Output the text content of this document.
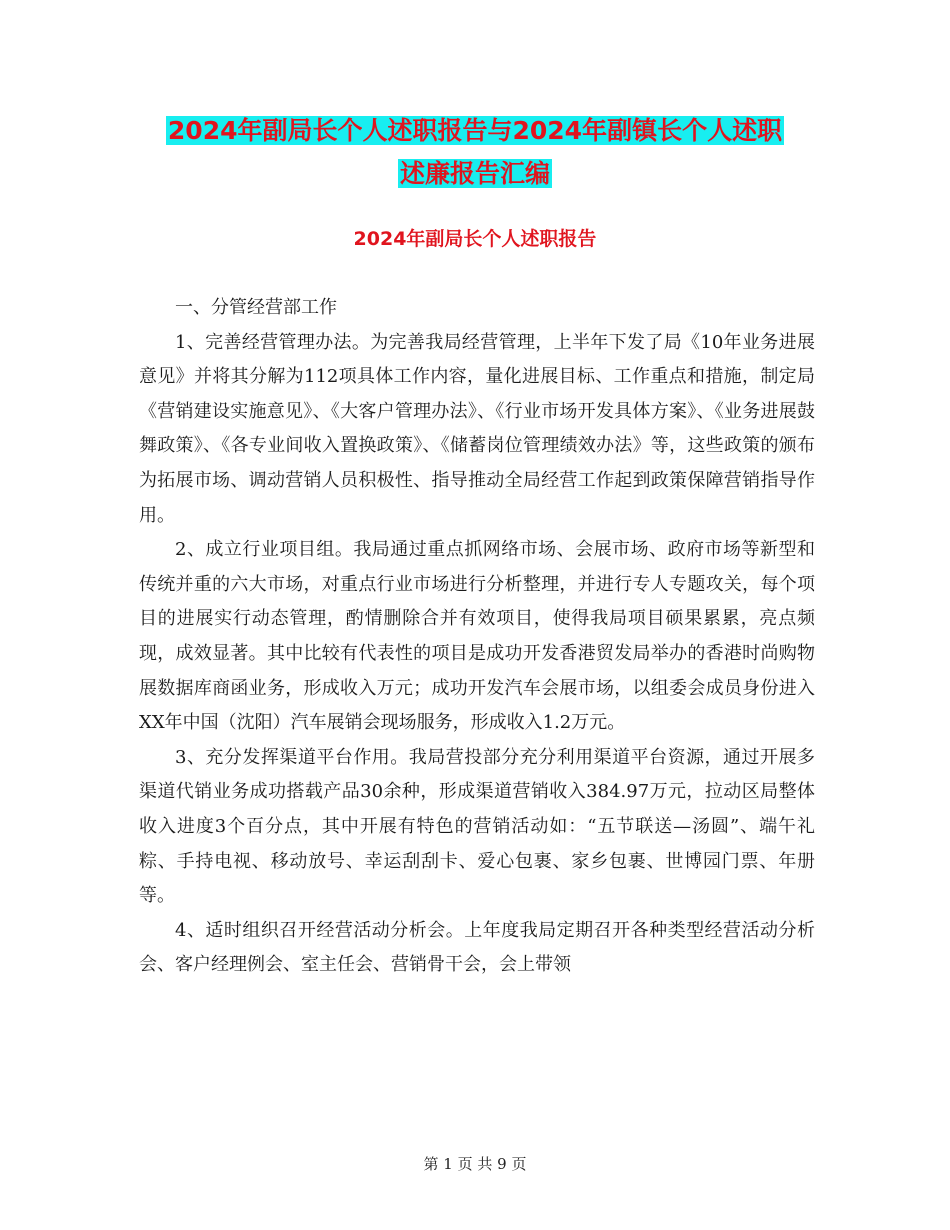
2024年副局长个人述职报告与2024年副镇长个人述职
述廉报告汇编
2024年副局长个人述职报告

一、分管经营部工作

1、完善经营管理办法。为完善我局经营管理，上半年下发了局《10年业务进展意见》并将其分解为112项具体工作内容，量化进展目标、工作重点和措施，制定局《营销建设实施意见》、《大客户管理办法》、《行业市场开发具体方案》、《业务进展鼓舞政策》、《各专业间收入置换政策》、《储蓄岗位管理绩效办法》等，这些政策的颁布为拓展市场、调动营销人员积极性、指导推动全局经营工作起到政策保障营销指导作用。

2、成立行业项目组。我局通过重点抓网络市场、会展市场、政府市场等新型和传统并重的六大市场，对重点行业市场进行分析整理，并进行专人专题攻关，每个项目的进展实行动态管理，酌情删除合并有效项目，使得我局项目硕果累累，亮点频现，成效显著。其中比较有代表性的项目是成功开发香港贸发局举办的香港时尚购物展数据库商函业务，形成收入万元；成功开发汽车会展市场，以组委会成员身份进入XX年中国（沈阳）汽车展销会现场服务，形成收入1.2万元。

3、充分发挥渠道平台作用。我局营投部分充分利用渠道平台资源，通过开展多渠道代销业务成功搭载产品30余种，形成渠道营销收入384.97万元，拉动区局整体收入进度3个百分点，其中开展有特色的营销活动如：“五节联送—汤圆”、端午礼粽、手持电视、移动放号、幸运刮刮卡、爱心包裹、家乡包裹、世博园门票、年册等。

4、适时组织召开经营活动分析会。上年度我局定期召开各种类型经营活动分析会、客户经理例会、室主任会、营销骨干会，会上带领

第 1 页 共 9 页
